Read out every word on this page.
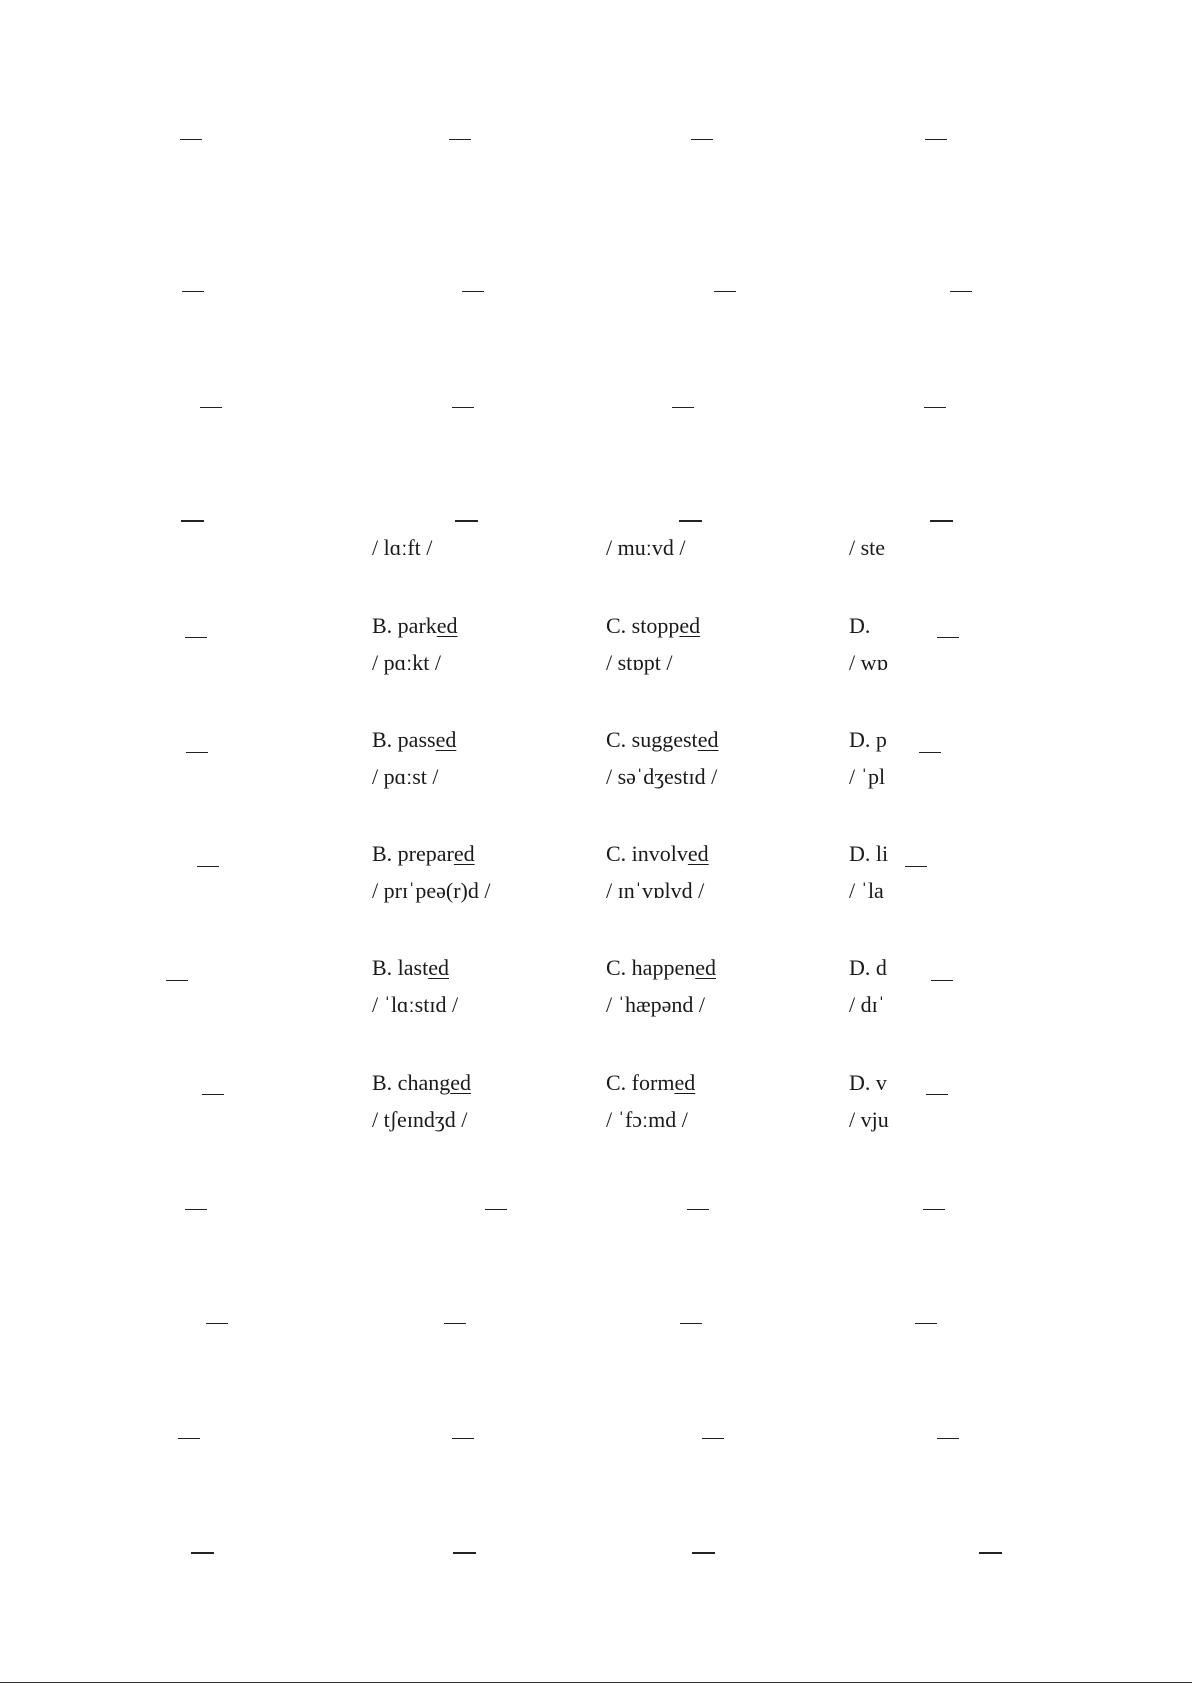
/ lɑːft /	/ muːvd /	/ ste
B. parked	C. stopped	D.
/ pɑːkt /	/ stɒpt /	/ wɒ
B. passed	C. suggested	D. p
/ pɑːst /	/ səˈdʒestɪd /	/ ˈpl
B. prepared	C. involved	D. li
/ prɪˈpeə(r)d /	/ ɪnˈvɒlvd /	/ ˈla
B. lasted	C. happened	D. d
/ ˈlɑːstɪd /	/ ˈhæpənd /	/ dɪˈ
B. changed	C. formed	D. v
/ tʃeɪndʒd /	/ ˈfɔːmd /	/ vju
